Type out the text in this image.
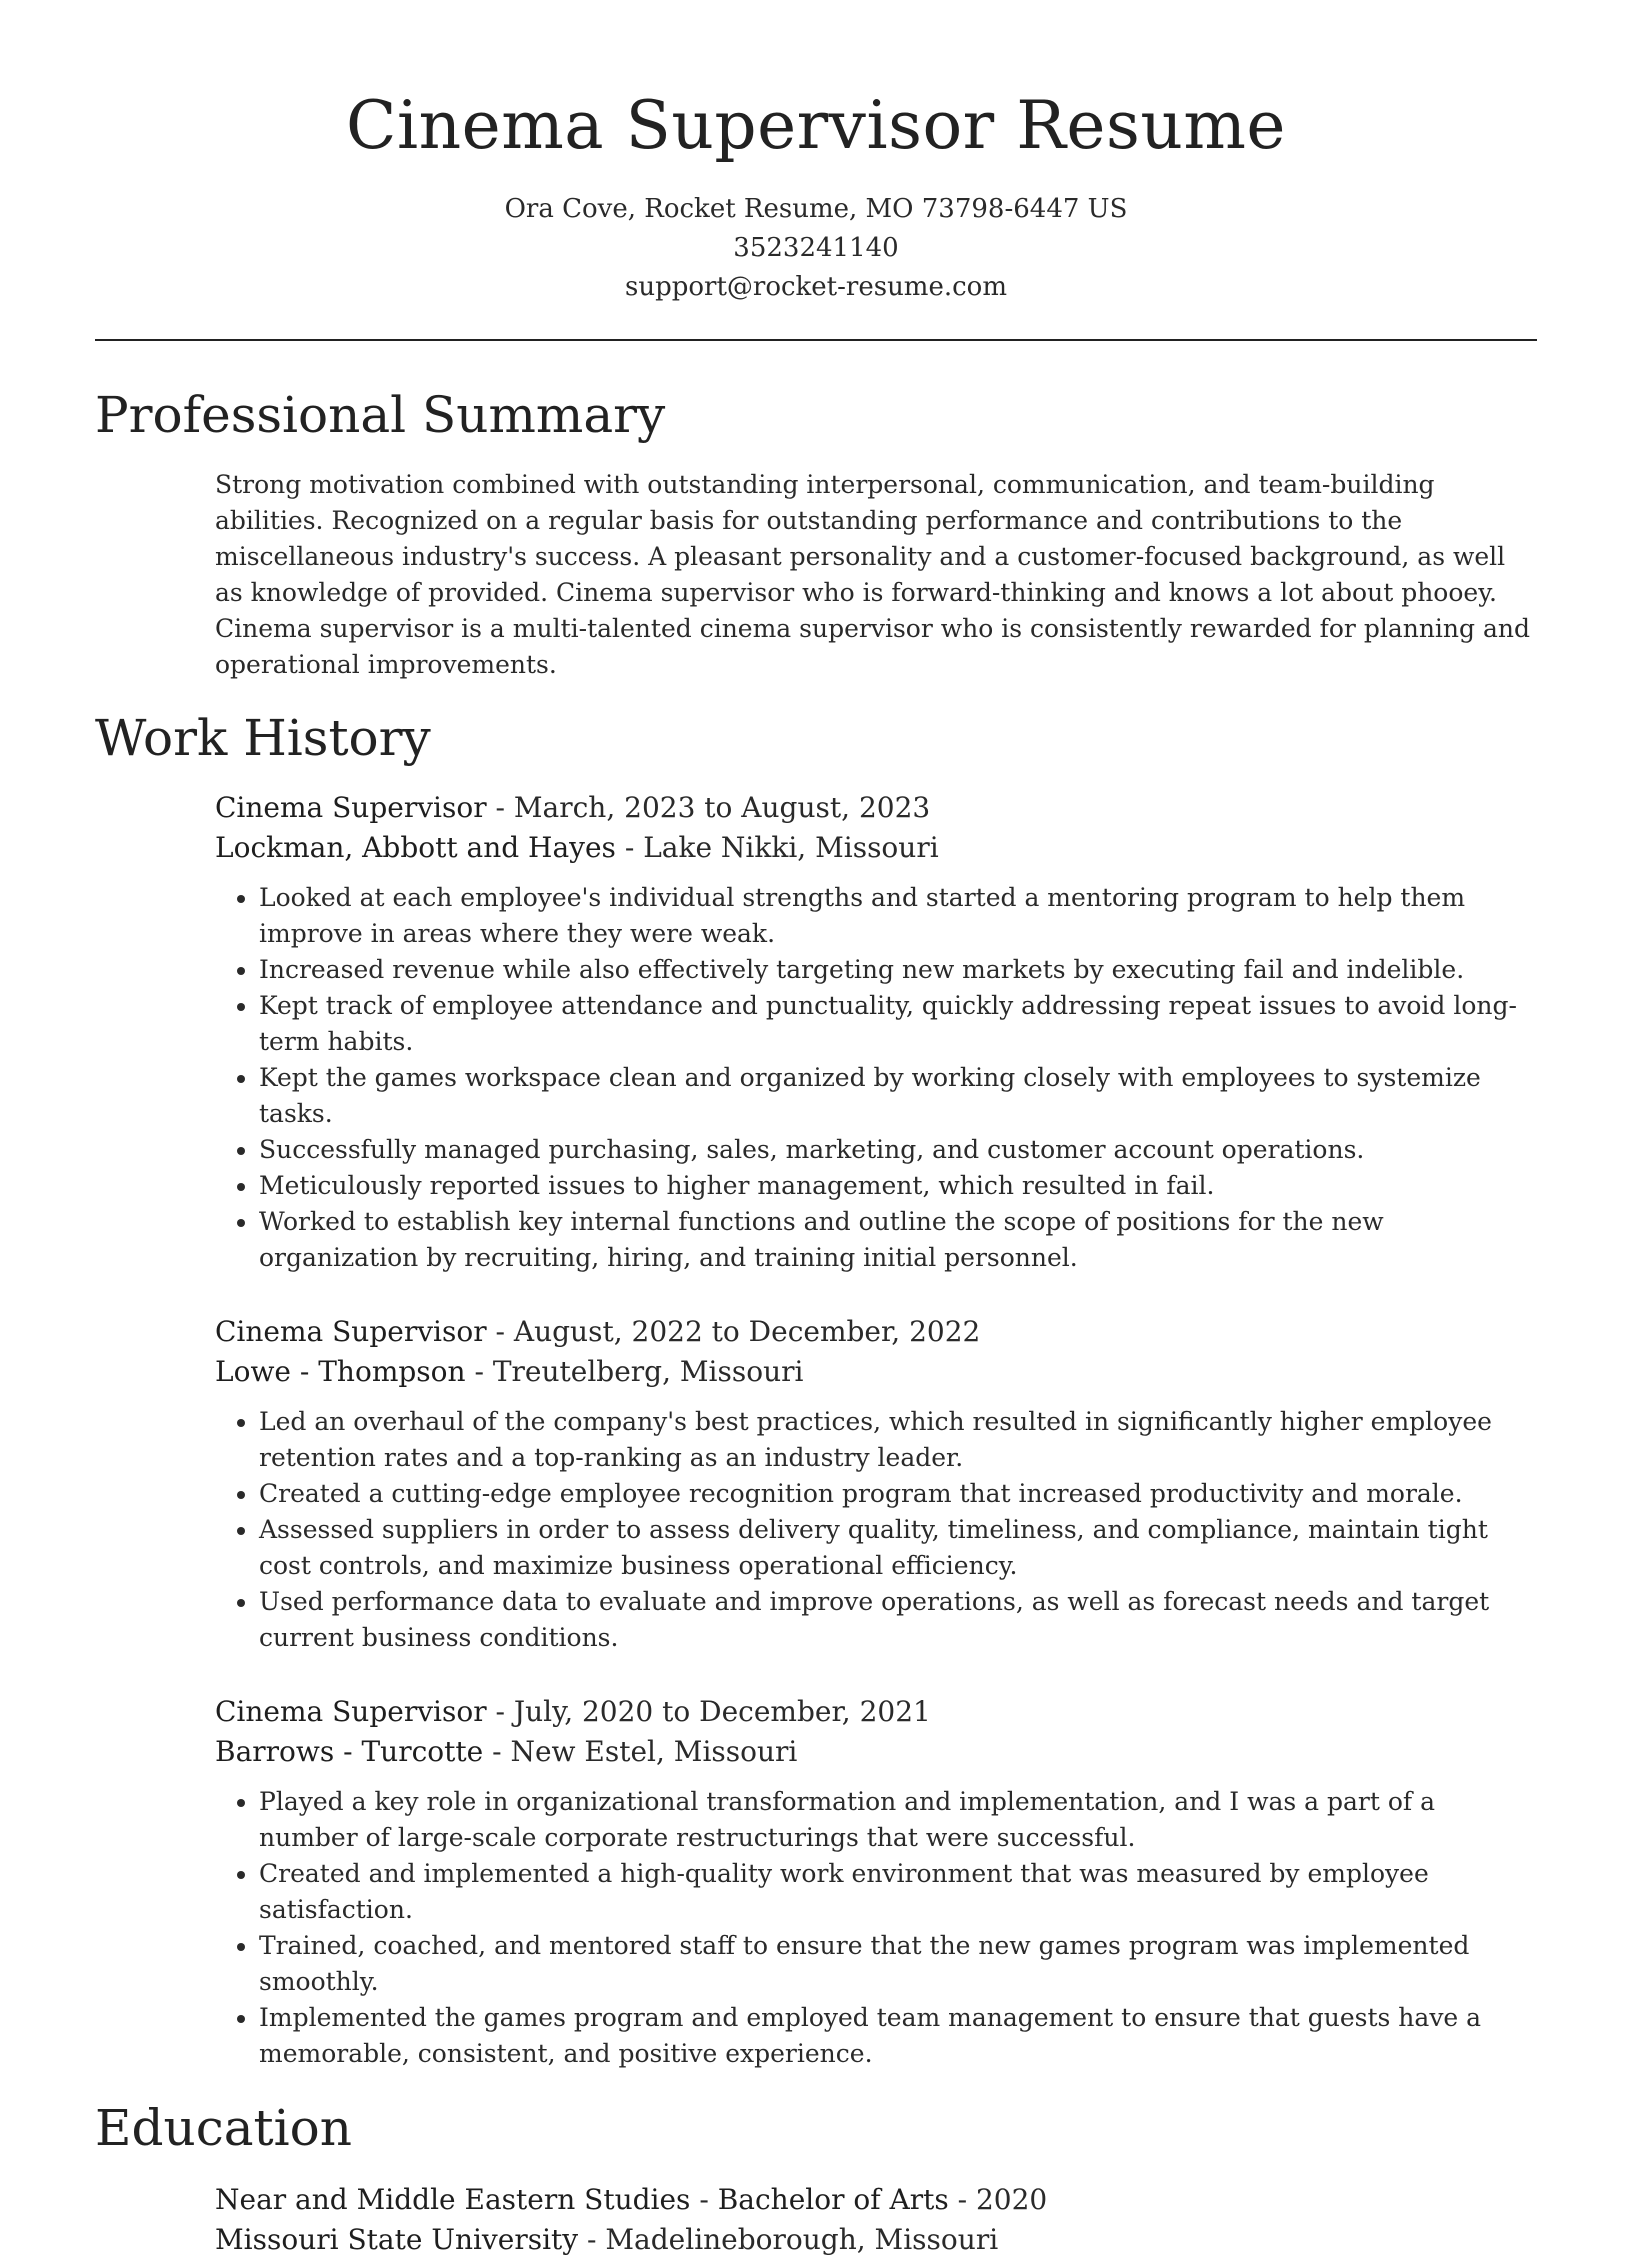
Cinema Supervisor Resume
Ora Cove, Rocket Resume, MO 73798-6447 US
3523241140
support@rocket-resume.com
Professional Summary

Strong motivation combined with outstanding interpersonal, communication, and team-building abilities. Recognized on a regular basis for outstanding performance and contributions to the miscellaneous industry's success. A pleasant personality and a customer-focused background, as well as knowledge of provided. Cinema supervisor who is forward-thinking and knows a lot about phooey. Cinema supervisor is a multi-talented cinema supervisor who is consistently rewarded for planning and operational improvements.

Work History
Cinema Supervisor - March, 2023 to August, 2023
Lockman, Abbott and Hayes - Lake Nikki, Missouri
• Looked at each employee's individual strengths and started a mentoring program to help them improve in areas where they were weak.
• Increased revenue while also effectively targeting new markets by executing fail and indelible.
• Kept track of employee attendance and punctuality, quickly addressing repeat issues to avoid long-term habits.
• Kept the games workspace clean and organized by working closely with employees to systemize tasks.
• Successfully managed purchasing, sales, marketing, and customer account operations.
• Meticulously reported issues to higher management, which resulted in fail.
• Worked to establish key internal functions and outline the scope of positions for the new organization by recruiting, hiring, and training initial personnel.
Cinema Supervisor - August, 2022 to December, 2022
Lowe - Thompson - Treutelberg, Missouri
• Led an overhaul of the company's best practices, which resulted in significantly higher employee retention rates and a top-ranking as an industry leader.
• Created a cutting-edge employee recognition program that increased productivity and morale.
• Assessed suppliers in order to assess delivery quality, timeliness, and compliance, maintain tight cost controls, and maximize business operational efficiency.
• Used performance data to evaluate and improve operations, as well as forecast needs and target current business conditions.
Cinema Supervisor - July, 2020 to December, 2021
Barrows - Turcotte - New Estel, Missouri
• Played a key role in organizational transformation and implementation, and I was a part of a number of large-scale corporate restructurings that were successful.
• Created and implemented a high-quality work environment that was measured by employee satisfaction.
• Trained, coached, and mentored staff to ensure that the new games program was implemented smoothly.
• Implemented the games program and employed team management to ensure that guests have a memorable, consistent, and positive experience.
Education
Near and Middle Eastern Studies - Bachelor of Arts - 2020
Missouri State University - Madelineborough, Missouri
